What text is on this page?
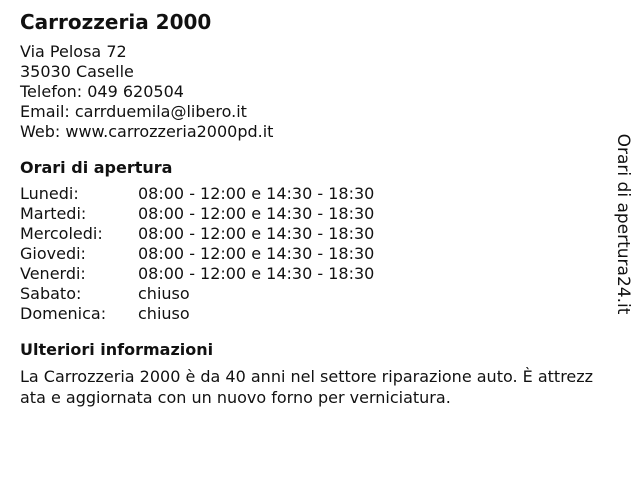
Carrozzeria 2000
Via Pelosa 72
35030 Caselle
Telefon: 049 620504
Email: carrduemila@libero.it
Web: www.carrozzeria2000pd.it
Orari di apertura
Lunedi:	08:00 - 12:00 e 14:30 - 18:30
Martedi:	08:00 - 12:00 e 14:30 - 18:30
Mercoledi:	08:00 - 12:00 e 14:30 - 18:30
Giovedi:	08:00 - 12:00 e 14:30 - 18:30
Venerdi:	08:00 - 12:00 e 14:30 - 18:30
Sabato:	chiuso
Domenica:	chiuso
Ulteriori informazioni
La Carrozzeria 2000 è da 40 anni nel settore riparazione auto. È attrezzata e aggiornata con un nuovo forno per verniciatura.
Orari di apertura24.it
